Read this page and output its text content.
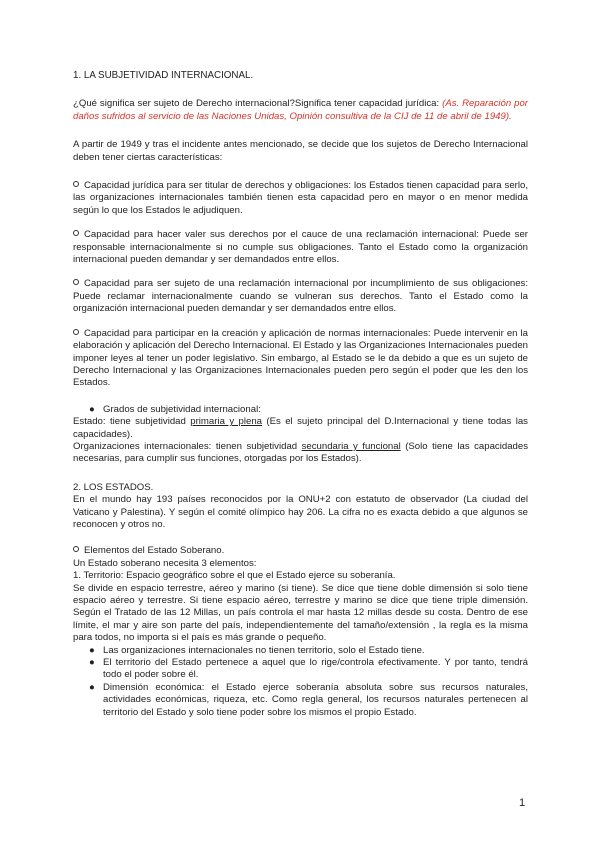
1. LA SUBJETIVIDAD INTERNACIONAL.

¿Qué significa ser sujeto de Derecho internacional?Significa tener capacidad jurídica: (As. Reparación por daños sufridos al servicio de las Naciones Unidas, Opinión consultiva de la CIJ de 11 de abril de 1949).

A partir de 1949 y tras el incidente antes mencionado, se decide que los sujetos de Derecho Internacional deben tener ciertas características:

Capacidad jurídica para ser titular de derechos y obligaciones: los Estados tienen capacidad para serlo, las organizaciones internacionales también tienen esta capacidad pero en mayor o en menor medida según lo que los Estados le adjudiquen.

Capacidad para hacer valer sus derechos por el cauce de una reclamación internacional: Puede ser responsable internacionalmente si no cumple sus obligaciones. Tanto el Estado como la organización internacional pueden demandar y ser demandados entre ellos.

Capacidad para ser sujeto de una reclamación internacional por incumplimiento de sus obligaciones: Puede reclamar internacionalmente cuando se vulneran sus derechos. Tanto el Estado como la organización internacional pueden demandar y ser demandados entre ellos.

Capacidad para participar en la creación y aplicación de normas internacionales: Puede intervenir en la elaboración y aplicación del Derecho Internacional. El Estado y las Organizaciones Internacionales pueden imponer leyes al tener un poder legislativo. Sin embargo, al Estado se le da debido a que es un sujeto de Derecho Internacional y las Organizaciones Internacionales pueden pero según el poder que les den los Estados.

● Grados de subjetividad internacional:

Estado: tiene subjetividad primaria y plena (Es el sujeto principal del D.Internacional y tiene todas las capacidades).

Organizaciones internacionales: tienen subjetividad secundaria y funcional (Solo tiene las capacidades necesarias, para cumplir sus funciones, otorgadas por los Estados).

2. LOS ESTADOS.

En el mundo hay 193 países reconocidos por la ONU+2 con estatuto de observador (La ciudad del Vaticano y Palestina). Y según el comité olímpico hay 206. La cifra no es exacta debido a que algunos se reconocen y otros no.

Elementos del Estado Soberano.

Un Estado soberano necesita 3 elementos:

1. Territorio: Espacio geográfico sobre el que el Estado ejerce su soberanía.

Se divide en espacio terrestre, aéreo y marino (si tiene). Se dice que tiene doble dimensión si solo tiene espacio aéreo y terrestre. Si tiene espacio aéreo, terrestre y marino se dice que tiene triple dimensión. Según el Tratado de las 12 Millas, un país controla el mar hasta 12 millas desde su costa. Dentro de ese límite, el mar y aire son parte del país, independientemente del tamaño/extensión , la regla es la misma para todos, no importa si el país es más grande o pequeño.

● Las organizaciones internacionales no tienen territorio, solo el Estado tiene.
● El territorio del Estado pertenece a aquel que lo rige/controla efectivamente. Y por tanto, tendrá todo el poder sobre él.
● Dimensión económica: el Estado ejerce soberanía absoluta sobre sus recursos naturales, actividades económicas, riqueza, etc. Como regla general, los recursos naturales pertenecen al territorio del Estado y solo tiene poder sobre los mismos el propio Estado.
1
